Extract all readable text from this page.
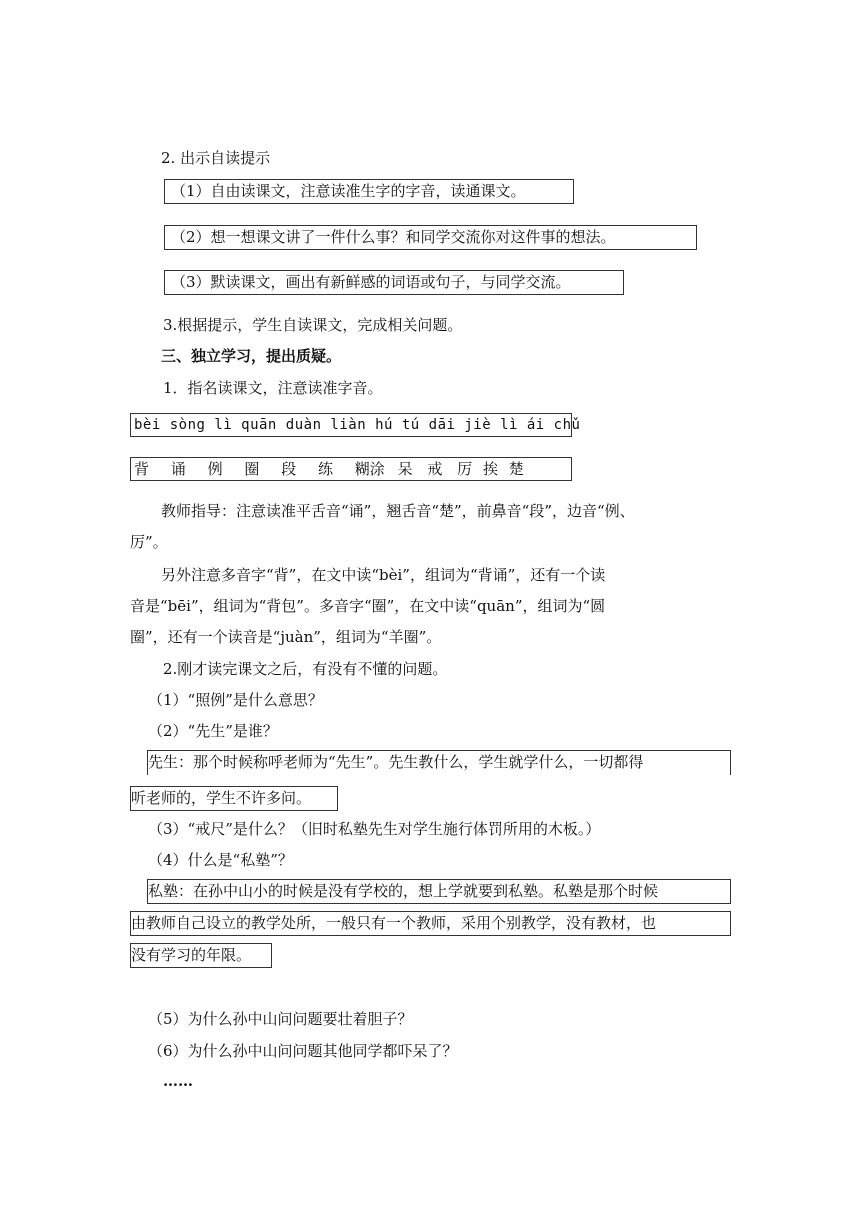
2. 出示自读提示
（1）自由读课文，注意读准生字的字音，读通课文。
（2）想一想课文讲了一件什么事？和同学交流你对这件事的想法。
（3）默读课文，画出有新鲜感的词语或句子，与同学交流。
3.根据提示，学生自读课文，完成相关问题。
三、独立学习，提出质疑。
1．指名读课文，注意读准字音。
bèi sòng lì quān duàn liàn hú tú dāi jiè lì ái chǔ
背 诵 例 圈 段 练 糊涂 呆 戒 厉 挨 楚
教师指导：注意读准平舌音“诵”，翘舌音“楚”，前鼻音“段”，边音“例、
厉”。
另外注意多音字“背”，在文中读“bèi”，组词为“背诵”，还有一个读
音是“bēi”，组词为“背包”。多音字“圈”，在文中读“quān”，组词为“圆
圈”，还有一个读音是“juàn”，组词为“羊圈”。
2.刚才读完课文之后，有没有不懂的问题。
（1）“照例”是什么意思？
（2）“先生”是谁？
先生：那个时候称呼老师为“先生”。先生教什么，学生就学什么，一切都得
听老师的，学生不许多问。
（3）“戒尺”是什么？（旧时私塾先生对学生施行体罚所用的木板。）
（4）什么是“私塾”？
私塾：在孙中山小的时候是没有学校的，想上学就要到私塾。私塾是那个时候
由教师自己设立的教学处所，一般只有一个教师，采用个别教学，没有教材，也
没有学习的年限。
（5）为什么孙中山问问题要壮着胆子？
（6）为什么孙中山问问题其他同学都吓呆了？
……
